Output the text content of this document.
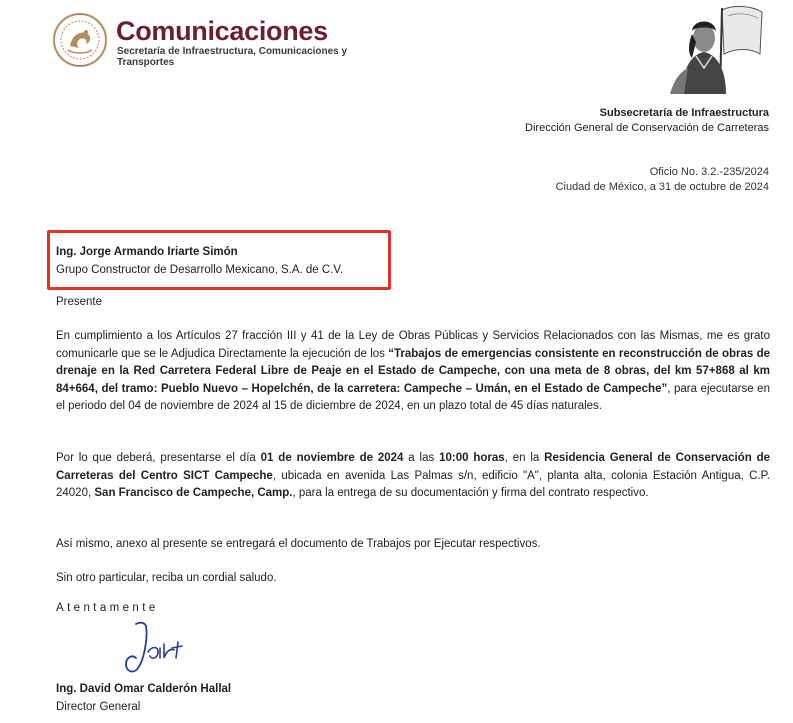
Comunicaciones
Secretaría de Infraestructura, Comunicaciones y Transportes
Subsecretaría de Infraestructura
Dirección General de Conservación de Carreteras
Oficio No. 3.2.-235/2024
Ciudad de México, a 31 de octubre de 2024
Ing. Jorge Armando Iriarte Simón
Grupo Constructor de Desarrollo Mexicano, S.A. de C.V.
Presente

En cumplimiento a los Artículos 27 fracción III y 41 de la Ley de Obras Públicas y Servicios Relacionados con las Mismas, me es grato comunicarle que se le Adjudica Directamente la ejecución de los “Trabajos de emergencias consistente en reconstrucción de obras de drenaje en la Red Carretera Federal Libre de Peaje en el Estado de Campeche, con una meta de 8 obras, del km 57+868 al km 84+664, del tramo: Pueblo Nuevo – Hopelchén, de la carretera: Campeche – Umán, en el Estado de Campeche”, para ejecutarse en el periodo del 04 de noviembre de 2024 al 15 de diciembre de 2024, en un plazo total de 45 días naturales.

Por lo que deberá, presentarse el día 01 de noviembre de 2024 a las 10:00 horas, en la Residencia General de Conservación de Carreteras del Centro SICT Campeche, ubicada en avenida Las Palmas s/n, edificio "A", planta alta, colonia Estación Antigua, C.P. 24020, San Francisco de Campeche, Camp., para la entrega de su documentación y firma del contrato respectivo.

Así mismo, anexo al presente se entregará el documento de Trabajos por Ejecutar respectivos.

Sin otro particular, reciba un cordial saludo.

Atentamente
Ing. David Omar Calderón Hallal
Director General
